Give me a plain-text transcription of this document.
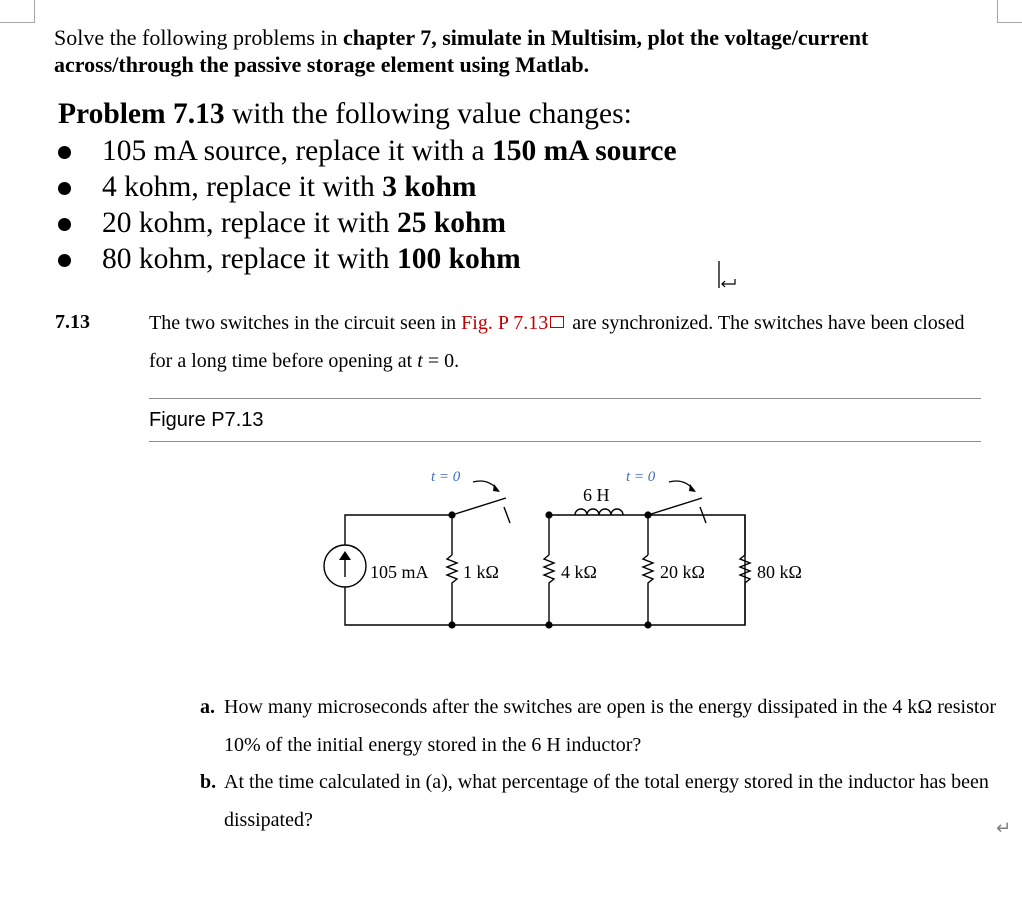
Solve the following problems in chapter 7, simulate in Multisim, plot the voltage/current across/through the passive storage element using Matlab.
Problem 7.13 with the following value changes:
105 mA source, replace it with a 150 mA source
4 kohm, replace it with 3 kohm
20 kohm, replace it with 25 kohm
80 kohm, replace it with 100 kohm
7.13	The two switches in the circuit seen in Fig. P 7.13 are synchronized. The switches have been closed for a long time before opening at t = 0.
Figure P7.13
t = 0	t = 0
6 H
105 mA 1 kΩ	4 kΩ	20 kΩ	80 kΩ
a. How many microseconds after the switches are open is the energy dissipated in the 4 kΩ resistor 10% of the initial energy stored in the 6 H inductor?
b. At the time calculated in (a), what percentage of the total energy stored in the inductor has been dissipated?	↵
